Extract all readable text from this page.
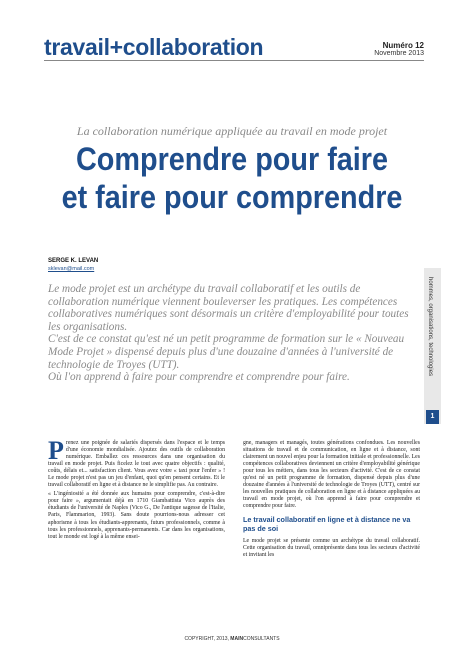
travail+collaboration	Numéro 12
Novembre 2013
La collaboration numérique appliquée au travail en mode projet
Comprendre pour faire
et faire pour comprendre
SERGE K. LEVAN
sklevan@mail.com

Le mode projet est un archétype du travail collaboratif et les outils de collaboration numérique viennent bouleverser les pratiques. Les compétences collaboratives numériques sont désormais un critère d'employabilité pour toutes les organisations.

C'est de ce constat qu'est né un petit programme de formation sur le « Nouveau Mode Projet » dispensé depuis plus d'une douzaine d'années à l'université de technologie de Troyes (UTT).

Où l'on apprend à faire pour comprendre et comprendre pour faire.

hommes, organisations, technologies
1

Prenez une poignée de salariés dispersés dans l'espace et le temps d'une économie mondialisée. Ajoutez des outils de collaboration numérique. Emballez ces ressources dans une organisation du travail en mode projet. Puis ficelez le tout avec quatre objectifs : qualité, coûts, délais et... satisfaction client. Vous avez votre « taxi pour l'enfer » ! Le mode projet n'est pas un jeu d'enfant, quoi qu'en pensent certains. Et le travail collaboratif en ligne et à distance ne le simplifie pas. Au contraire.

« L'ingéniosité a été donnée aux humains pour comprendre, c'est-à-dire pour faire », argumentait déjà en 1710 Giambattista Vico auprès des étudiants de l'université de Naples (Vico G., De l'antique sagesse de l'Italie, Paris, Flammarion, 1993). Sans doute pourrions-nous adresser cet aphorisme à tous les étudiants-apprenants, futurs professionnels, comme à tous les professionnels, apprenants-permanents. Car dans les organisations, tout le monde est logé à la même ensei-

gne, managers et managés, toutes générations confondues. Les nouvelles situations de travail et de communication, en ligne et à distance, sont clairement un nouvel enjeu pour la formation initiale et professionnelle. Les compétences collaboratives deviennent un critère d'employabilité générique pour tous les métiers, dans tous les secteurs d'activité. C'est de ce constat qu'est né un petit programme de formation, dispensé depuis plus d'une douzaine d'années à l'université de technologie de Troyes (UTT), centré sur les nouvelles pratiques de collaboration en ligne et à distance appliquées au travail en mode projet, où l'on apprend à faire pour comprendre et comprendre pour faire.

Le travail collaboratif en ligne et à distance ne va pas de soi

Le mode projet se présente comme un archétype du travail collaboratif. Cette organisation du travail, omniprésente dans tous les secteurs d'activité et invitant les

COPYRIGHT, 2013, MAINCONSULTANTS
